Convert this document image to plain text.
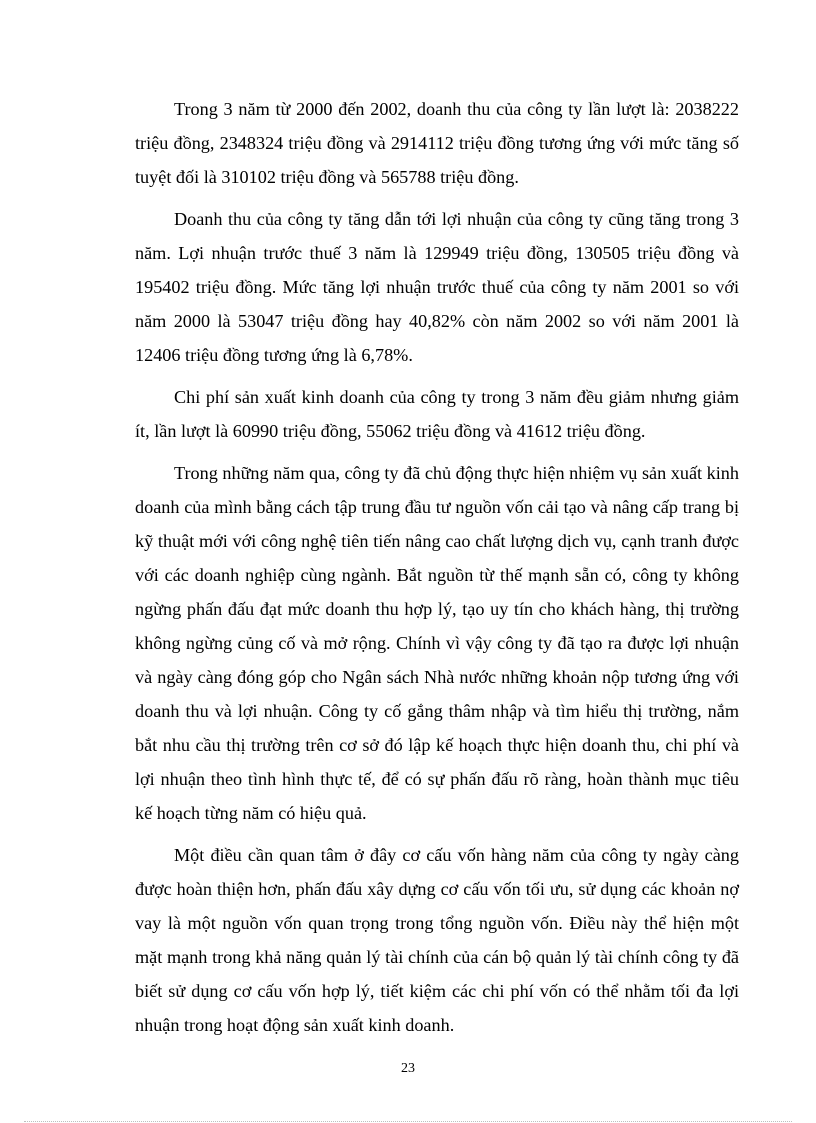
Trong 3 năm từ 2000 đến 2002, doanh thu của công ty lần lượt là: 2038222 triệu đồng, 2348324 triệu đồng và 2914112 triệu đồng tương ứng với mức tăng số tuyệt đối là 310102 triệu đồng và 565788 triệu đồng.

Doanh thu của công ty tăng dẫn tới lợi nhuận của công ty cũng tăng trong 3 năm. Lợi nhuận trước thuế 3 năm là 129949 triệu đồng, 130505 triệu đồng và 195402 triệu đồng. Mức tăng lợi nhuận trước thuế của công ty năm 2001 so với năm 2000 là 53047 triệu đồng hay 40,82% còn năm 2002 so với năm 2001 là 12406 triệu đồng tương ứng là 6,78%.

Chi phí sản xuất kinh doanh của công ty trong 3 năm đều giảm nhưng giảm ít, lần lượt là 60990 triệu đồng, 55062 triệu đồng và 41612 triệu đồng.

Trong những năm qua, công ty đã chủ động thực hiện nhiệm vụ sản xuất kinh doanh của mình bằng cách tập trung đầu tư nguồn vốn cải tạo và nâng cấp trang bị kỹ thuật mới với công nghệ tiên tiến nâng cao chất lượng dịch vụ, cạnh tranh được với các doanh nghiệp cùng ngành. Bắt nguồn từ thế mạnh sẵn có, công ty không ngừng phấn đấu đạt mức doanh thu hợp lý, tạo uy tín cho khách hàng, thị trường không ngừng củng cố và mở rộng. Chính vì vậy công ty đã tạo ra được lợi nhuận và ngày càng đóng góp cho Ngân sách Nhà nước những khoản nộp tương ứng với doanh thu và lợi nhuận. Công ty cố gắng thâm nhập và tìm hiểu thị trường, nắm bắt nhu cầu thị trường trên cơ sở đó lập kế hoạch thực hiện doanh thu, chi phí và lợi nhuận theo tình hình thực tế, để có sự phấn đấu rõ ràng, hoàn thành mục tiêu kế hoạch từng năm có hiệu quả.

Một điều cần quan tâm ở đây cơ cấu vốn hàng năm của công ty ngày càng được hoàn thiện hơn, phấn đấu xây dựng cơ cấu vốn tối ưu, sử dụng các khoản nợ vay là một nguồn vốn quan trọng trong tổng nguồn vốn. Điều này thể hiện một mặt mạnh trong khả năng quản lý tài chính của cán bộ quản lý tài chính công ty đã biết sử dụng cơ cấu vốn hợp lý, tiết kiệm các chi phí vốn có thể nhằm tối đa lợi nhuận trong hoạt động sản xuất kinh doanh.

23
